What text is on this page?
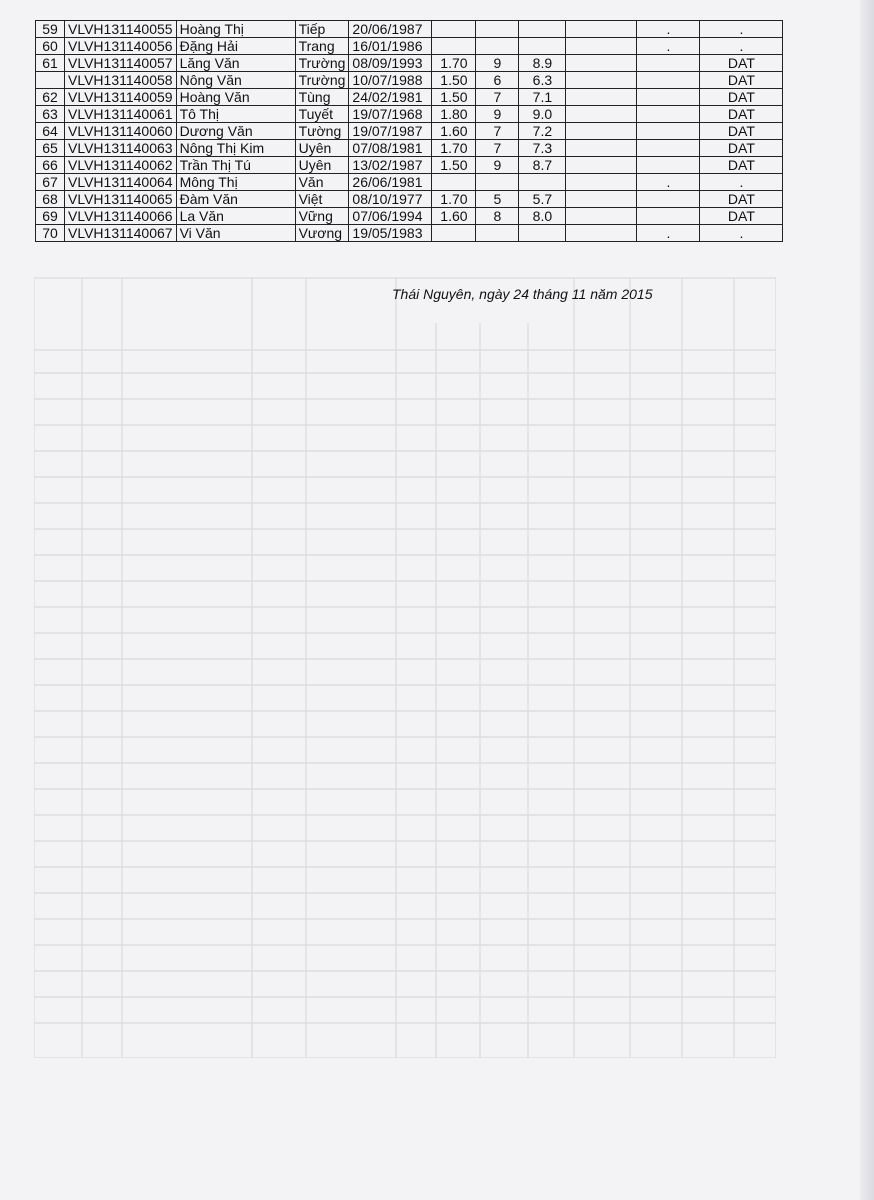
59	VLVH131140055	Hoàng Thị	Tiếp	20/06/1987					.	.
60	VLVH131140056	Đặng Hải	Trang	16/01/1986					.	.
61	VLVH131140057	Lăng Văn	Trường	08/09/1993	1.70	9	8.9			DAT
	VLVH131140058	Nông Văn	Trường	10/07/1988	1.50	6	6.3			DAT
62	VLVH131140059	Hoàng Văn	Tùng	24/02/1981	1.50	7	7.1			DAT
63	VLVH131140061	Tô Thị	Tuyết	19/07/1968	1.80	9	9.0			DAT
64	VLVH131140060	Dương Văn	Tường	19/07/1987	1.60	7	7.2			DAT
65	VLVH131140063	Nông Thị Kim	Uyên	07/08/1981	1.70	7	7.3			DAT
66	VLVH131140062	Trần Thị Tú	Uyên	13/02/1987	1.50	9	8.7			DAT
67	VLVH131140064	Mông Thị	Văn	26/06/1981					.	.
68	VLVH131140065	Đàm Văn	Việt	08/10/1977	1.70	5	5.7			DAT
69	VLVH131140066	La Văn	Vững	07/06/1994	1.60	8	8.0			DAT
70	VLVH131140067	Vi Văn	Vương	19/05/1983					.	.
Thái Nguyên, ngày 24 tháng 11 năm 2015
